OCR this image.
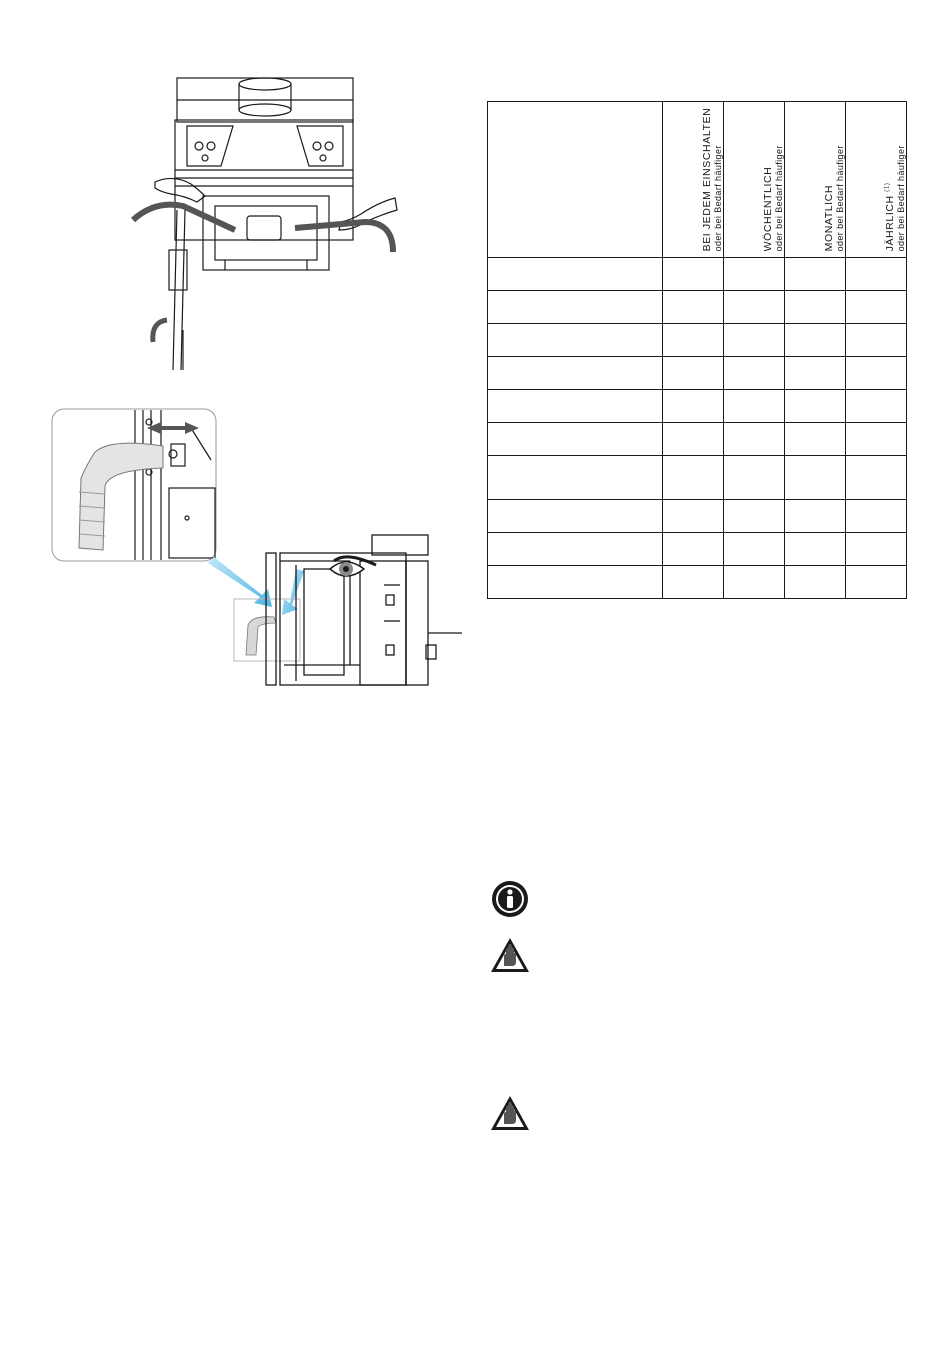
	BEI JEDEM EINSCHALTEN oder bei Bedarf häufiger	WÖCHENTLICH oder bei Bedarf häufiger	MONATLICH oder bei Bedarf häufiger	JÄHRLICH $^{(1)}$ oder bei Bedarf häufiger
